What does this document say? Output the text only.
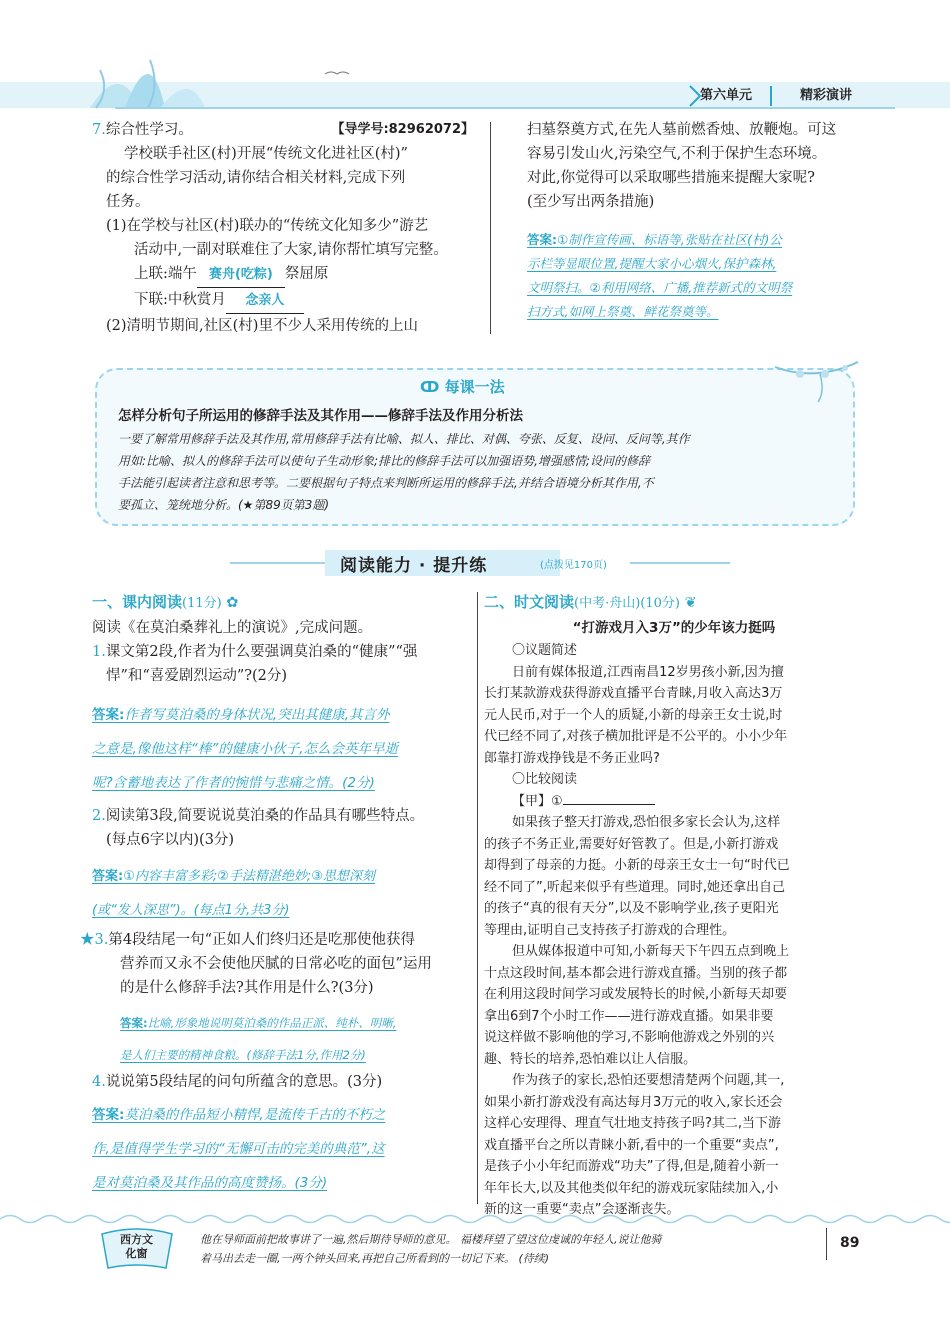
第六单元	精彩演讲
7.综合性学习。	【导学号:82962072】
学校联手社区(村)开展“传统文化进社区(村)”
的综合性学习活动,请你结合相关材料,完成下列
任务。
(1)在学校与社区(村)联办的“传统文化知多少”游艺
活动中,一副对联难住了大家,请你帮忙填写完整。
上联:端午 赛舟(吃粽) 祭屈原
下联:中秋赏月 念亲人
(2)清明节期间,社区(村)里不少人采用传统的上山
扫墓祭奠方式,在先人墓前燃香烛、放鞭炮。可这
容易引发山火,污染空气,不利于保护生态环境。
对此,你觉得可以采取哪些措施来提醒大家呢?
(至少写出两条措施)
答案:①制作宣传画、标语等,张贴在社区(村)公
示栏等显眼位置,提醒大家小心烟火,保护森林,
文明祭扫。②利用网络、广播,推荐新式的文明祭
扫方式,如网上祭奠、鲜花祭奠等。
ↀ 每课一法
怎样分析句子所运用的修辞手法及其作用——修辞手法及作用分析法
一要了解常用修辞手法及其作用,常用修辞手法有比喻、拟人、排比、对偶、夸张、反复、设问、反问等,其作
用如:比喻、拟人的修辞手法可以使句子生动形象;排比的修辞手法可以加强语势,增强感情;设问的修辞
手法能引起读者注意和思考等。二要根据句子特点来判断所运用的修辞手法,并结合语境分析其作用,不
要孤立、笼统地分析。(★第89页第3题)
阅读能力 · 提升练	(点拨见170页)
一、课内阅读(11分) ✿
阅读《在莫泊桑葬礼上的演说》,完成问题。
1.课文第2段,作者为什么要强调莫泊桑的“健康”“强
悍”和“喜爱剧烈运动”?(2分)
答案:作者写莫泊桑的身体状况,突出其健康,其言外
之意是,像他这样“棒”的健康小伙子,怎么会英年早逝
呢?含蓄地表达了作者的惋惜与悲痛之情。(2分)
2.阅读第3段,简要说说莫泊桑的作品具有哪些特点。
(每点6字以内)(3分)
答案:①内容丰富多彩;②手法精湛绝妙;③思想深刻
(或“发人深思”)。(每点1分,共3分)
★3.第4段结尾一句“正如人们终归还是吃那使他获得
营养而又永不会使他厌腻的日常必吃的面包”运用
的是什么修辞手法?其作用是什么?(3分)
答案:比喻,形象地说明莫泊桑的作品正派、纯朴、明晰,
是人们主要的精神食粮。(修辞手法1分,作用2分)
4.说说第5段结尾的问句所蕴含的意思。(3分)
答案:莫泊桑的作品短小精悍,是流传千古的不朽之
作,是值得学生学习的“无懈可击的完美的典范”,这
是对莫泊桑及其作品的高度赞扬。(3分)
二、时文阅读(中考·舟山)(10分) ❦
“打游戏月入3万”的少年该力挺吗
〇议题简述
日前有媒体报道,江西南昌12岁男孩小新,因为擅
长打某款游戏获得游戏直播平台青睐,月收入高达3万
元人民币,对于一个人的质疑,小新的母亲王女士说,时
代已经不同了,对孩子横加批评是不公平的。小小少年
郎靠打游戏挣钱是不务正业吗?
〇比较阅读
【甲】①
如果孩子整天打游戏,恐怕很多家长会认为,这样
的孩子不务正业,需要好好管教了。但是,小新打游戏
却得到了母亲的力挺。小新的母亲王女士一句“时代已
经不同了”,听起来似乎有些道理。同时,她还拿出自己
的孩子“真的很有天分”,以及不影响学业,孩子更阳光
等理由,证明自己支持孩子打游戏的合理性。
但从媒体报道中可知,小新每天下午四五点到晚上
十点这段时间,基本都会进行游戏直播。当别的孩子都
在利用这段时间学习或发展特长的时候,小新每天却要
拿出6到7个小时工作——进行游戏直播。如果非要
说这样做不影响他的学习,不影响他游戏之外别的兴
趣、特长的培养,恐怕难以让人信服。
作为孩子的家长,恐怕还要想清楚两个问题,其一,
如果小新打游戏没有高达每月3万元的收入,家长还会
这样心安理得、理直气壮地支持孩子吗?其二,当下游
戏直播平台之所以青睐小新,看中的一个重要“卖点”,
是孩子小小年纪而游戏“功夫”了得,但是,随着小新一
年年长大,以及其他类似年纪的游戏玩家陆续加入,小
新的这一重要“卖点”会逐渐丧失。
西方文
化窗
他在导师面前把故事讲了一遍,然后期待导师的意见。 福楼拜望了望这位虔诚的年轻人,说让他骑
着马出去走一圈,一两个钟头回来,再把自己所看到的一切记下来。 (待续)
89
